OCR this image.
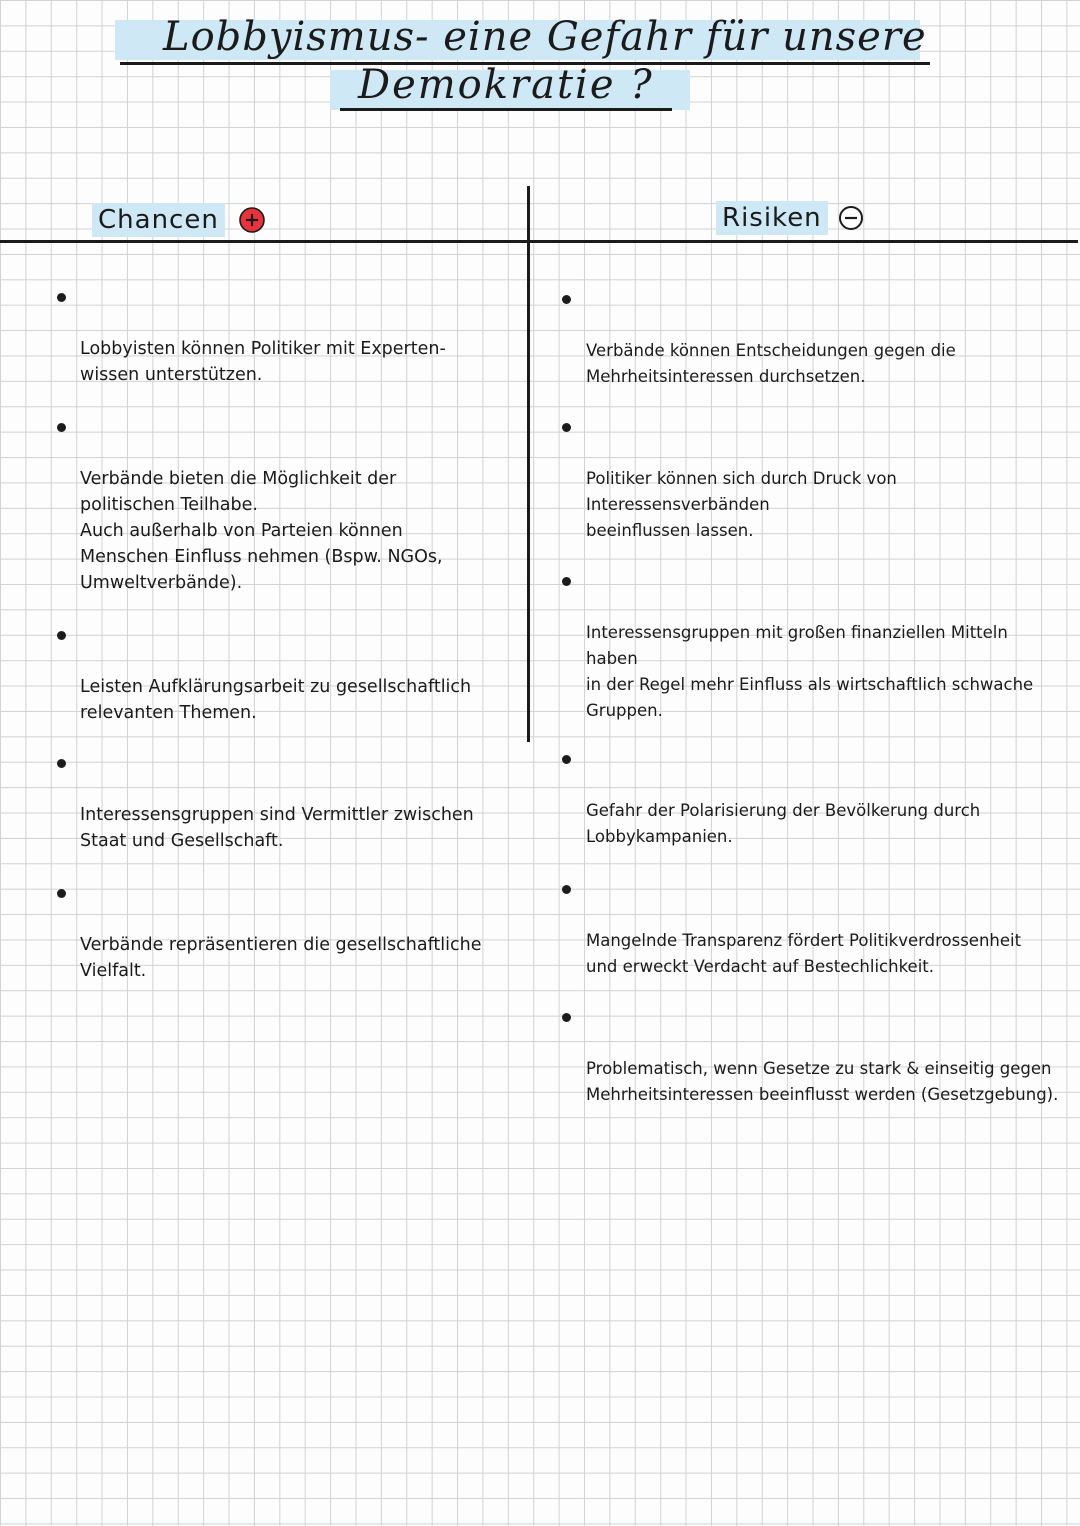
Lobbyismus- eine Gefahr für unsere
Demokratie ?
Chancen	Risiken

Lobbyisten können Politiker mit Experten-
wissen unterstützen.

Verbände bieten die Möglichkeit der
politischen Teilhabe.
Auch außerhalb von Parteien können
Menschen Einfluss nehmen (Bspw. NGOs,
Umweltverbände).

Leisten Aufklärungsarbeit zu gesellschaftlich
relevanten Themen.

Interessensgruppen sind Vermittler zwischen
Staat und Gesellschaft.

Verbände repräsentieren die gesellschaftliche
Vielfalt.

Verbände können Entscheidungen gegen die
Mehrheitsinteressen durchsetzen.

Politiker können sich durch Druck von Interessensverbänden
beeinflussen lassen.

Interessensgruppen mit großen finanziellen Mitteln haben
in der Regel mehr Einfluss als wirtschaftlich schwache
Gruppen.

Gefahr der Polarisierung der Bevölkerung durch
Lobbykampanien.

Mangelnde Transparenz fördert Politikverdrossenheit
und erweckt Verdacht auf Bestechlichkeit.

Problematisch, wenn Gesetze zu stark & einseitig gegen
Mehrheitsinteressen beeinflusst werden (Gesetzgebung).
